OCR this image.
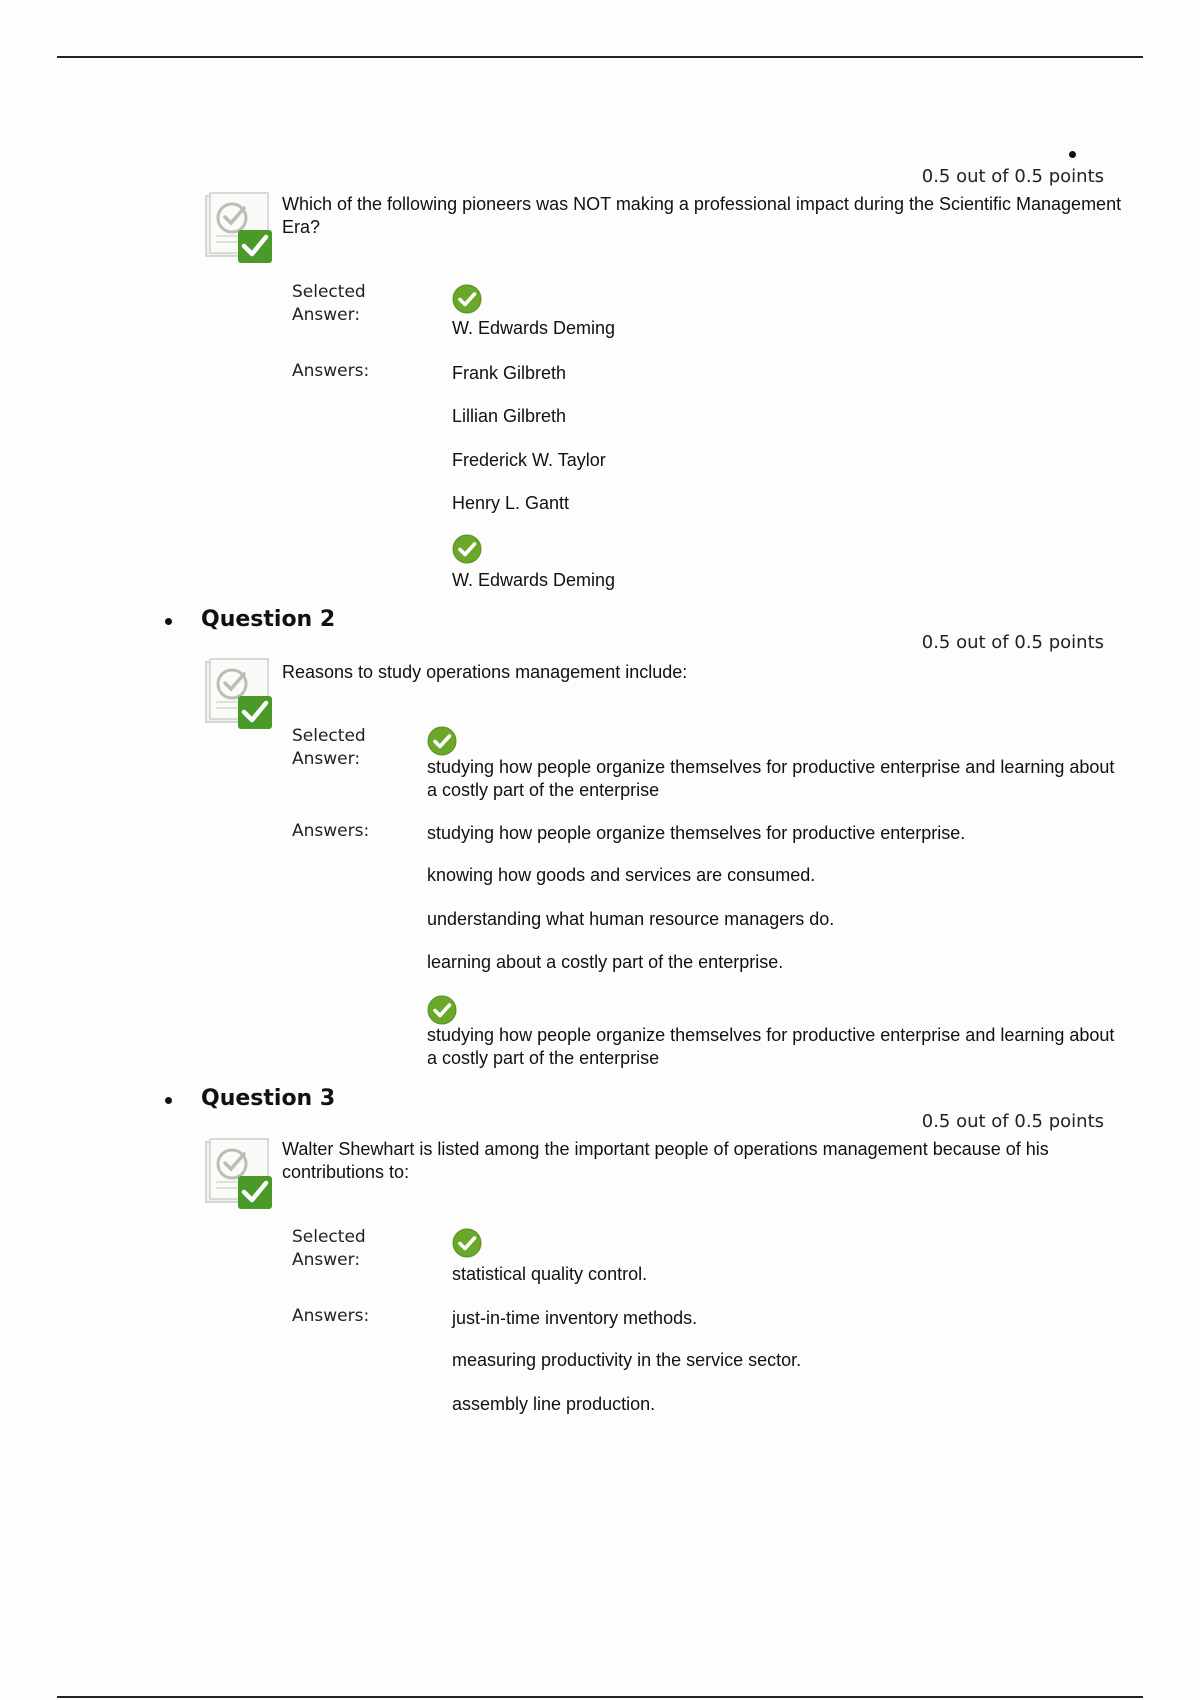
0.5 out of 0.5 points

Which of the following pioneers was NOT making a professional impact during the Scientific Management Era?

Selected Answer:

W. Edwards Deming

Answers:	Frank Gilbreth

Lillian Gilbreth

Frederick W. Taylor

Henry L. Gantt

W. Edwards Deming

Question 2
0.5 out of 0.5 points

Reasons to study operations management include:

Selected Answer:	studying how people organize themselves for productive enterprise and learning about a costly part of the enterprise

Answers:	studying how people organize themselves for productive enterprise.

knowing how goods and services are consumed.

understanding what human resource managers do.

learning about a costly part of the enterprise.

studying how people organize themselves for productive enterprise and learning about a costly part of the enterprise

Question 3
0.5 out of 0.5 points

Walter Shewhart is listed among the important people of operations management because of his contributions to:

Selected Answer:

statistical quality control.

Answers:	just-in-time inventory methods.

measuring productivity in the service sector.

assembly line production.
